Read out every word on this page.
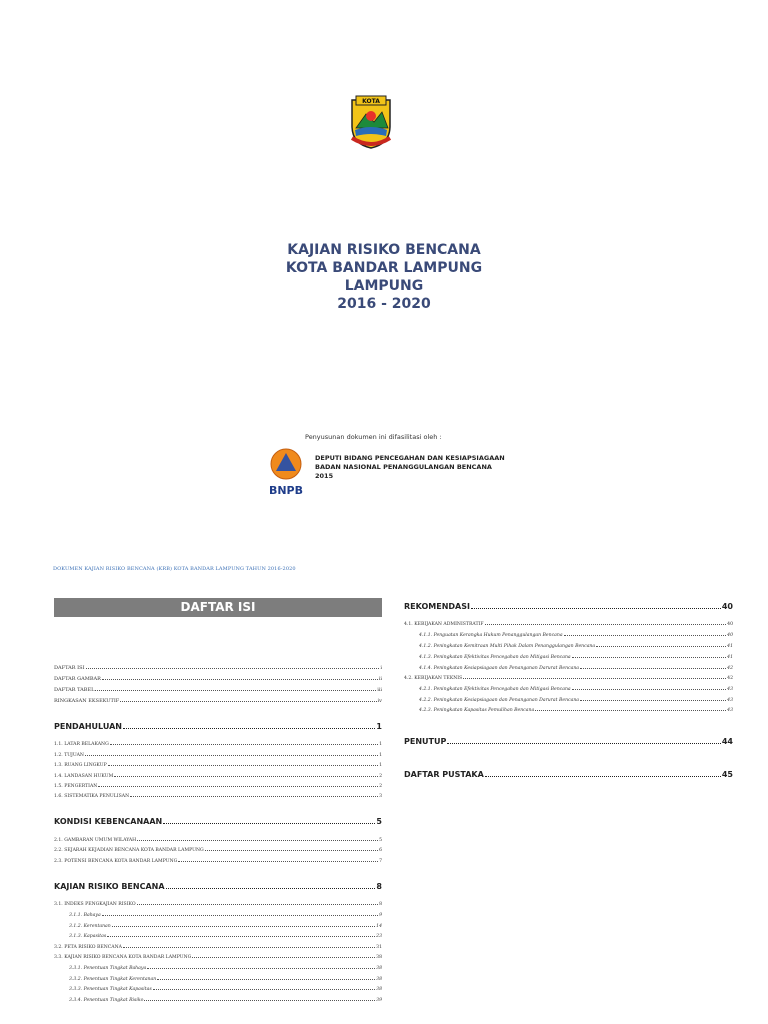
KOTA
KAJIAN RISIKO BENCANA
KOTA BANDAR LAMPUNG
LAMPUNG
2016 - 2020
Penyusunan dokumen ini difasilitasi oleh :
BNPB
DEPUTI BIDANG PENCEGAHAN DAN KESIAPSIAGAAN
BADAN NASIONAL PENANGGULANGAN BENCANA
2015
DOKUMEN KAJIAN RISIKO BENCANA (KRB) KOTA BANDAR LAMPUNG TAHUN 2016-2020
DAFTAR ISI
DAFTAR ISI	i
DAFTAR GAMBAR	ii
DAFTAR TABEL	iii
RINGKASAN EKSEKUTIF	iv
PENDAHULUAN	1
1.1. LATAR BELAKANG	1
1.2. TUJUAN	1
1.3. RUANG LINGKUP	1
1.4. LANDASAN HUKUM	2
1.5. PENGERTIAN	2
1.6. SISTEMATIKA PENULISAN	3
KONDISI KEBENCANAAN	5
2.1. GAMBARAN UMUM WILAYAH	5
2.2. SEJARAH KEJADIAN BENCANA KOTA BANDAR LAMPUNG	6
2.3. POTENSI BENCANA KOTA BANDAR LAMPUNG	7
KAJIAN RISIKO BENCANA	8
3.1. INDEKS PENGKAJIAN RISIKO	8
3.1.1. Bahaya	9
3.1.2. Kerentanan	14
3.1.3. Kapasitas	23
3.2. PETA RISIKO BENCANA	31
3.3. KAJIAN RISIKO BENCANA KOTA BANDAR LAMPUNG	38
3.3.1. Penentuan Tingkat Bahaya	38
3.3.2. Penentuan Tingkat Kerentanan	38
3.3.3. Penentuan Tingkat Kapasitas	38
3.3.4. Penentuan Tingkat Risiko	39
REKOMENDASI	40
4.1. KEBIJAKAN ADMINISTRATIF	40
4.1.1. Penguatan Kerangka Hukum Penanggulangan Bencana	40
4.1.2. Peningkatan Kemitraan Multi Pihak Dalam Penanggulangan Bencana	41
4.1.3. Peningkatan Efektivitas Pencegahan dan Mitigasi Bencana	41
4.1.4. Peningkatan Kesiapsiagaan dan Penanganan Darurat Bencana	42
4.2. KEBIJAKAN TEKNIS	42
4.2.1. Peningkatan Efektivitas Pencegahan dan Mitigasi Bencana	43
4.2.2. Peningkatan Kesiapsiagaan dan Penanganan Darurat Bencana	43
4.2.3. Peningkatan Kapasitas Pemulihan Bencana	43
PENUTUP	44
DAFTAR PUSTAKA	45
